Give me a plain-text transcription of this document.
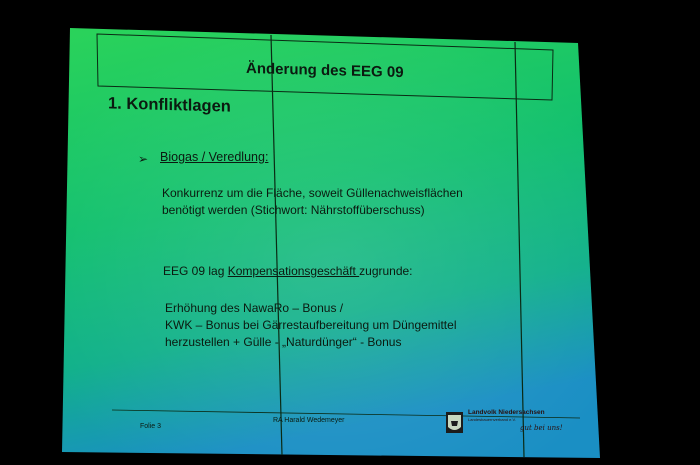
Änderung des EEG 09
1. Konfliktlagen
➢ Biogas / Veredlung:
Konkurrenz um die Fläche, soweit Güllenachweisflächen
benötigt werden (Stichwort: Nährstoffüberschuss)
EEG 09 lag Kompensationsgeschäft zugrunde:
Erhöhung des NawaRo – Bonus /
KWK – Bonus bei Gärrestaufbereitung um Düngemittel
herzustellen + Gülle - „Naturdünger“ - Bonus
Folie 3
RA Harald Wedemeyer
Landvolk Niedersachsen
Landesbauernverband e.V.
gut bei uns!
